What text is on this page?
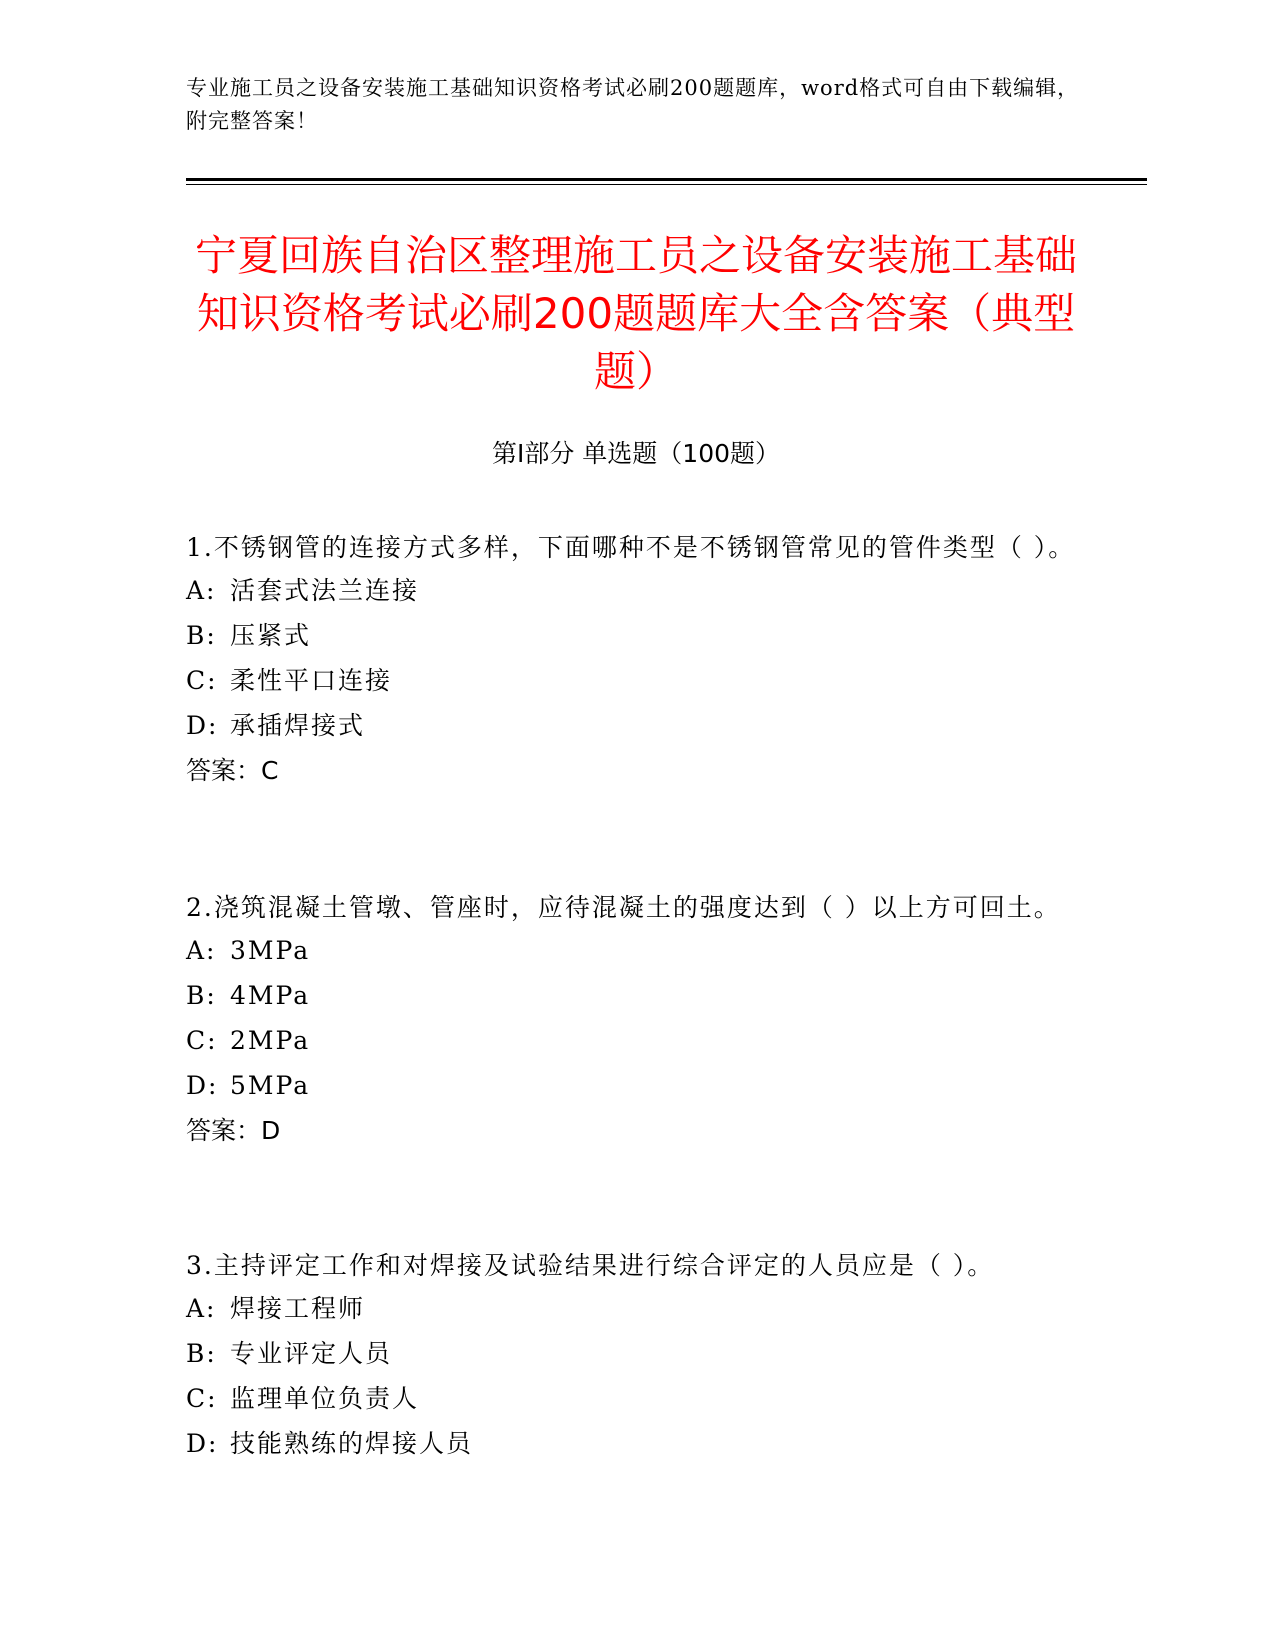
专业施工员之设备安装施工基础知识资格考试必刷200题题库，word格式可自由下载编辑，附完整答案！
宁夏回族自治区整理施工员之设备安装施工基础知识资格考试必刷200题题库大全含答案（典型题）
第I部分 单选题（100题）

1.不锈钢管的连接方式多样，下面哪种不是不锈钢管常见的管件类型（ ）。

A: 活套式法兰连接

B: 压紧式

C: 柔性平口连接

D: 承插焊接式

答案：C

2.浇筑混凝土管墩、管座时，应待混凝土的强度达到（ ）以上方可回土。

A: 3MPa

B: 4MPa

C: 2MPa

D: 5MPa

答案：D

3.主持评定工作和对焊接及试验结果进行综合评定的人员应是（ ）。

A: 焊接工程师

B: 专业评定人员

C: 监理单位负责人

D: 技能熟练的焊接人员
